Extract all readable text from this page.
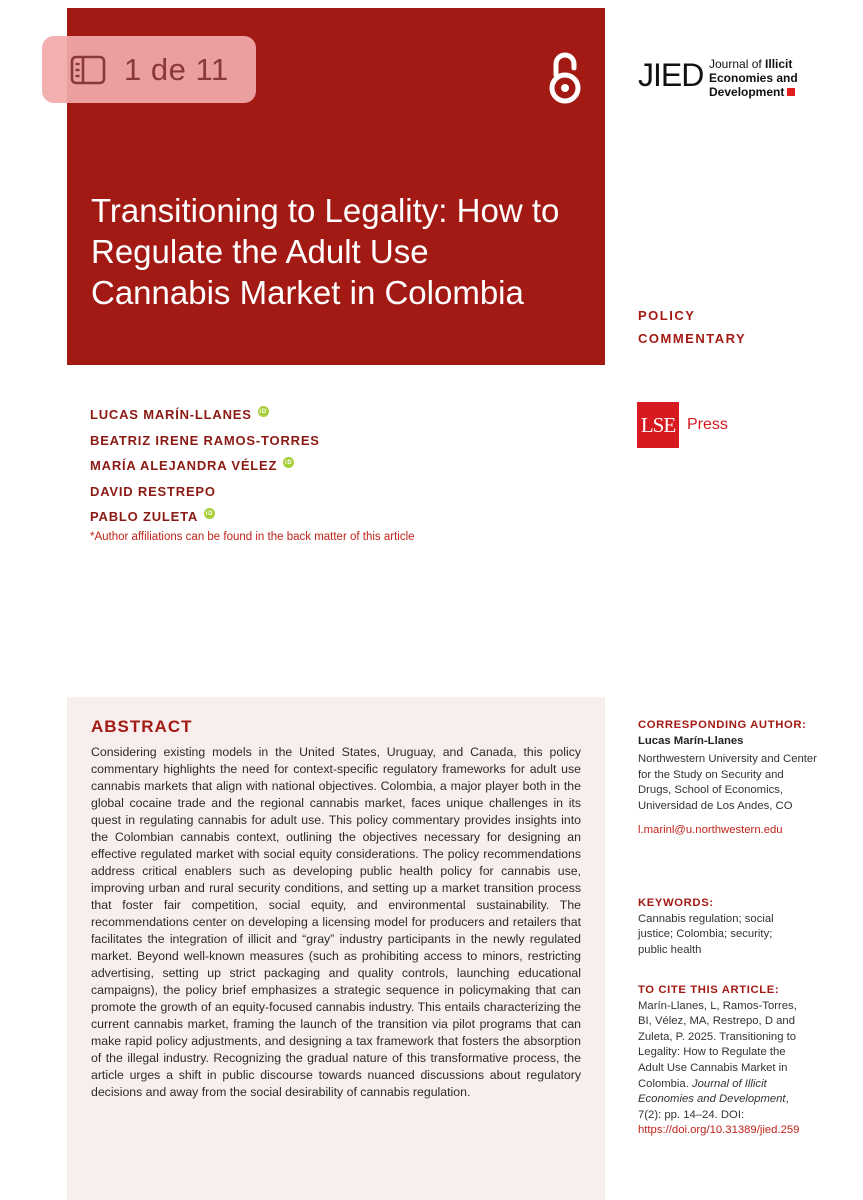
Transitioning to Legality: How to Regulate the Adult Use Cannabis Market in Colombia
1 de 11	JIED Journal of Illicit
Economies and
Development
POLICY
COMMENTARY
LSE Press
LUCAS MARÍN-LLANES iD
BEATRIZ IRENE RAMOS-TORRES
MARÍA ALEJANDRA VÉLEZ iD
DAVID RESTREPO
PABLO ZULETA iD
*Author affiliations can be found in the back matter of this article
ABSTRACT
Considering existing models in the United States, Uruguay, and Canada, this policy commentary highlights the need for context-specific regulatory frameworks for adult use cannabis markets that align with national objectives. Colombia, a major player both in the global cocaine trade and the regional cannabis market, faces unique challenges in its quest in regulating cannabis for adult use. This policy commentary provides insights into the Colombian cannabis context, outlining the objectives necessary for designing an effective regulated market with social equity considerations. The policy recommendations address critical enablers such as developing public health policy for cannabis use, improving urban and rural security conditions, and setting up a market transition process that foster fair competition, social equity, and environmental sustainability. The recommendations center on developing a licensing model for producers and retailers that facilitates the integration of illicit and “gray” industry participants in the newly regulated market. Beyond well-known measures (such as prohibiting access to minors, restricting advertising, setting up strict packaging and quality controls, launching educational campaigns), the policy brief emphasizes a strategic sequence in policymaking that can promote the growth of an equity-focused cannabis industry. This entails characterizing the current cannabis market, framing the launch of the transition via pilot programs that can make rapid policy adjustments, and designing a tax framework that fosters the absorption of the illegal industry. Recognizing the gradual nature of this transformative process, the article urges a shift in public discourse towards nuanced discussions about regulatory decisions and away from the social desirability of cannabis regulation.
CORRESPONDING AUTHOR:
Lucas Marín-Llanes
Northwestern University and Center for the Study on Security and Drugs, School of Economics, Universidad de Los Andes, CO
l.marinl@u.northwestern.edu
KEYWORDS:
Cannabis regulation; social justice; Colombia; security; public health
TO CITE THIS ARTICLE:
Marín-Llanes, L, Ramos-Torres, BI, Vélez, MA, Restrepo, D and Zuleta, P. 2025. Transitioning to Legality: How to Regulate the Adult Use Cannabis Market in Colombia. Journal of Illicit Economies and Development, 7(2): pp. 14–24. DOI: https://doi.org/10.31389/jied.259
